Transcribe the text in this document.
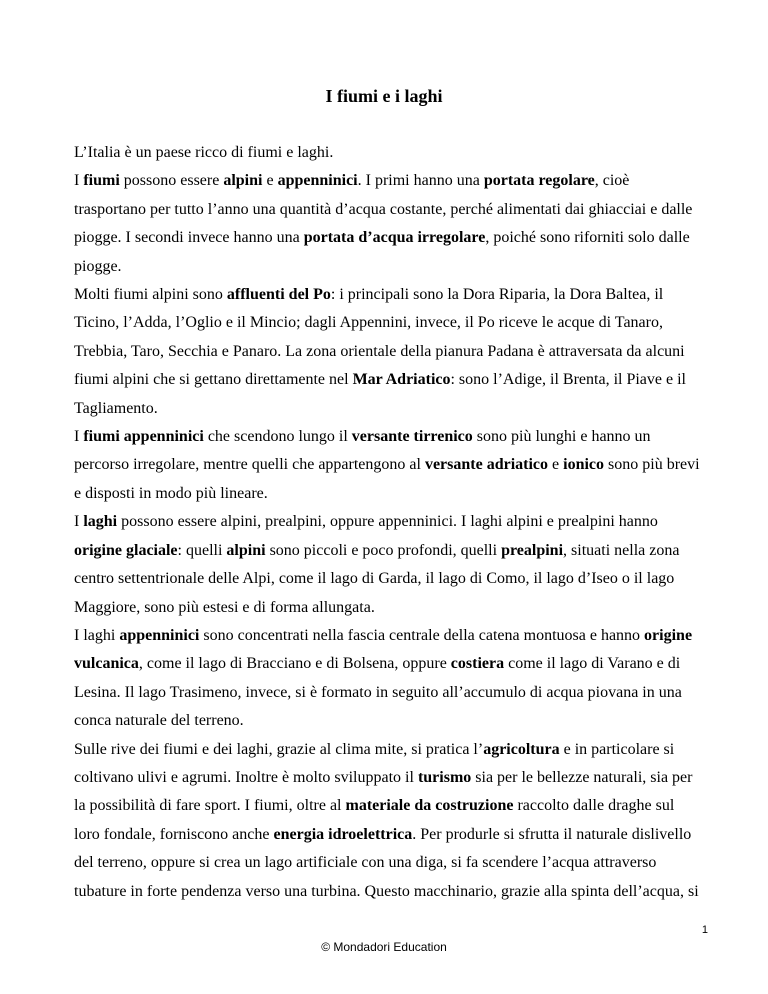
I fiumi e i laghi

L’Italia è un paese ricco di fiumi e laghi.

I fiumi possono essere alpini e appenninici. I primi hanno una portata regolare, cioè trasportano per tutto l’anno una quantità d’acqua costante, perché alimentati dai ghiacciai e dalle piogge. I secondi invece hanno una portata d’acqua irregolare, poiché sono riforniti solo dalle piogge.

Molti fiumi alpini sono affluenti del Po: i principali sono la Dora Riparia, la Dora Baltea, il Ticino, l’Adda, l’Oglio e il Mincio; dagli Appennini, invece, il Po riceve le acque di Tanaro, Trebbia, Taro, Secchia e Panaro. La zona orientale della pianura Padana è attraversata da alcuni fiumi alpini che si gettano direttamente nel Mar Adriatico: sono l’Adige, il Brenta, il Piave e il Tagliamento.

I fiumi appenninici che scendono lungo il versante tirrenico sono più lunghi e hanno un percorso irregolare, mentre quelli che appartengono al versante adriatico e ionico sono più brevi e disposti in modo più lineare.

I laghi possono essere alpini, prealpini, oppure appenninici. I laghi alpini e prealpini hanno origine glaciale: quelli alpini sono piccoli e poco profondi, quelli prealpini, situati nella zona centro settentrionale delle Alpi, come il lago di Garda, il lago di Como, il lago d’Iseo o il lago Maggiore, sono più estesi e di forma allungata.

I laghi appenninici sono concentrati nella fascia centrale della catena montuosa e hanno origine vulcanica, come il lago di Bracciano e di Bolsena, oppure costiera come il lago di Varano e di Lesina. Il lago Trasimeno, invece, si è formato in seguito all’accumulo di acqua piovana in una conca naturale del terreno.

Sulle rive dei fiumi e dei laghi, grazie al clima mite, si pratica l’agricoltura e in particolare si coltivano ulivi e agrumi. Inoltre è molto sviluppato il turismo sia per le bellezze naturali, sia per la possibilità di fare sport. I fiumi, oltre al materiale da costruzione raccolto dalle draghe sul loro fondale, forniscono anche energia idroelettrica. Per produrle si sfrutta il naturale dislivello del terreno, oppure si crea un lago artificiale con una diga, si fa scendere l’acqua attraverso tubature in forte pendenza verso una turbina. Questo macchinario, grazie alla spinta dell’acqua, si

1
© Mondadori Education
